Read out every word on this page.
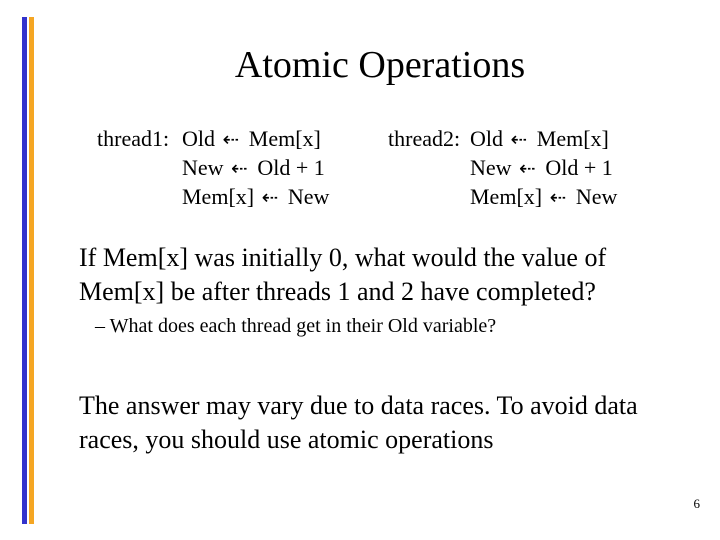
Atomic Operations
thread1: Old ⇠ Mem[x]
New ⇠ Old + 1
Mem[x] ⇠ New
thread2: Old ⇠ Mem[x]
New ⇠ Old + 1
Mem[x] ⇠ New
If Mem[x] was initially 0, what would the value of Mem[x] be after threads 1 and 2 have completed?
– What does each thread get in their Old variable?
The answer may vary due to data races. To avoid data races, you should use atomic operations
6
